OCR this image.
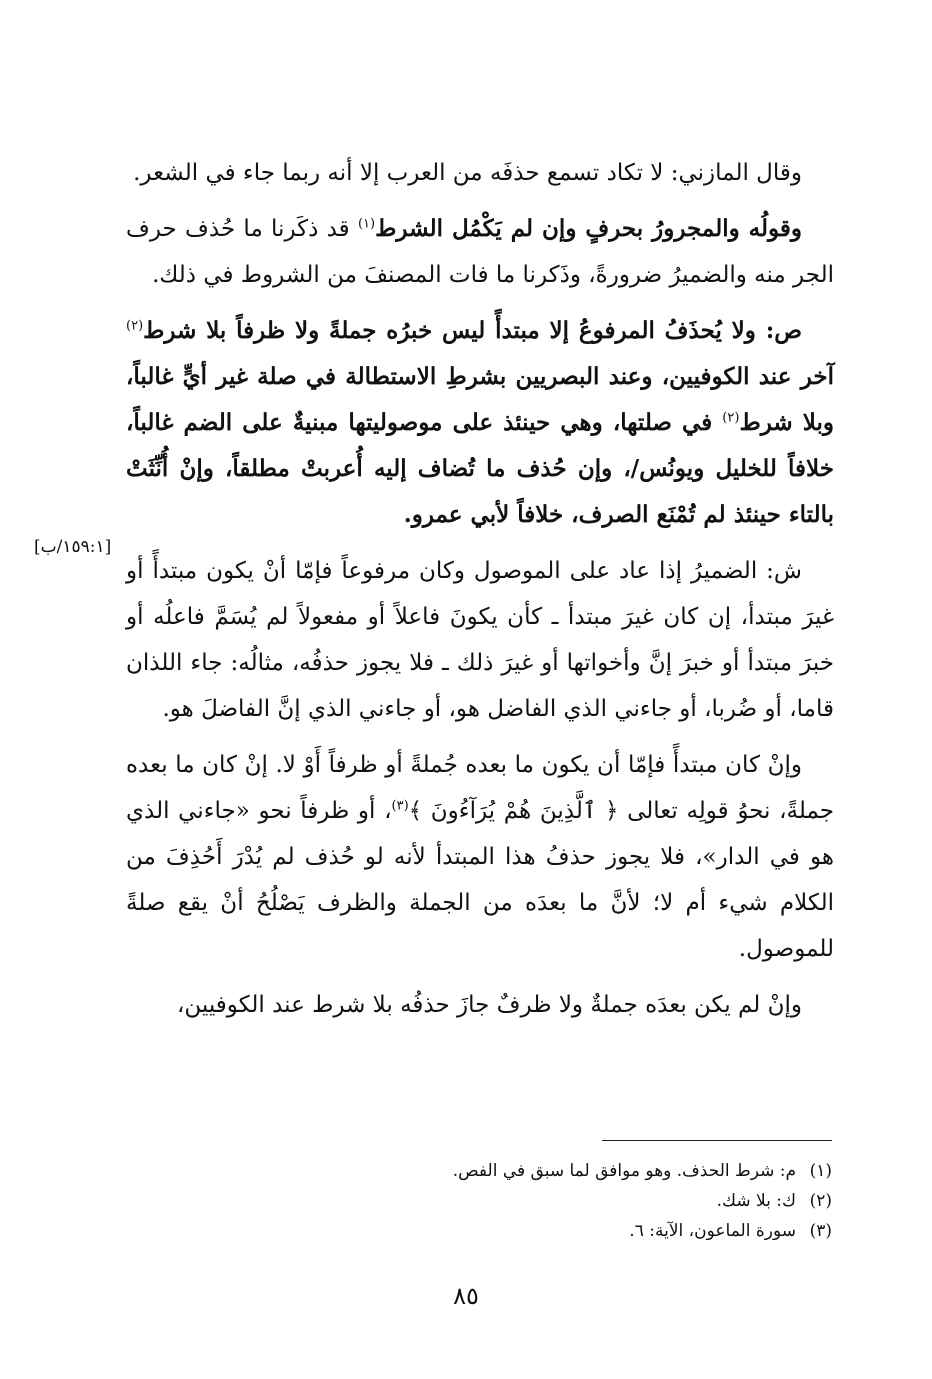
وقال المازني: لا تكاد تسمع حذفَه من العرب إلا أنه ربما جاء في الشعر.

وقولُه والمجرورُ بحرفٍ وإن لم يَكْمُل الشرط$^{(١)}$ قد ذكَرنا ما حُذف حرف الجر منه والضميرُ ضرورةً، وذَكرنا ما فات المصنفَ من الشروط في ذلك.

ص: ولا يُحذَفُ المرفوعُ إلا مبتدأً ليس خبرُه جملةً ولا ظرفاً بلا شرط$^{(٢)}$ آخر عند الكوفيين، وعند البصريين بشرطِ الاستطالة في صلة غير أيٍّ غالباً، وبلا شرط$^{(٢)}$ في صلتها، وهي حينئذ على موصوليتها مبنيةٌ على الضم غالباً، خلافاً للخليل ويونُس/، وإن حُذف ما تُضاف إليه أُعربتْ مطلقاً، وإنْ أُنِّثَتْ بالتاء حينئذ لم تُمْنَع الصرف، خلافاً لأبي عمرو.

ش: الضميرُ إذا عاد على الموصول وكان مرفوعاً فإمّا أنْ يكون مبتدأً أو غيرَ مبتدأ، إن كان غيرَ مبتدأ ـ كأن يكونَ فاعلاً أو مفعولاً لم يُسَمَّ فاعلُه أو خبرَ مبتدأ أو خبرَ إنَّ وأخواتها أو غيرَ ذلك ـ فلا يجوز حذفُه، مثالُه: جاء اللذان قاما، أو ضُربا، أو جاءني الذي الفاضل هو، أو جاءني الذي إنَّ الفاضلَ هو.

وإنْ كان مبتدأً فإمّا أن يكون ما بعده جُملةً أو ظرفاً أَوْ لا. إنْ كان ما بعده جملةً، نحوُ قولِه تعالى ﴿ ٱلَّذِينَ هُمْ يُرَآءُونَ ﴾$^{(٣)}$، أو ظرفاً نحو «جاءني الذي هو في الدار»، فلا يجوز حذفُ هذا المبتدأ لأنه لو حُذف لم يُدْرَ أَحُذِفَ من الكلام شيء أم لا؛ لأنَّ ما بعدَه من الجملة والظرف يَصْلُحُ أنْ يقع صلةً للموصول.

وإنْ لم يكن بعدَه جملةٌ ولا ظرفٌ جازَ حذفُه بلا شرط عند الكوفيين،

[١٥٩:١/ب]
(١)
م: شرط الحذف. وهو موافق لما سبق في الفص.
(٢)
ك: بلا شك.
(٣)
سورة الماعون، الآية: ٦.
٨٥
